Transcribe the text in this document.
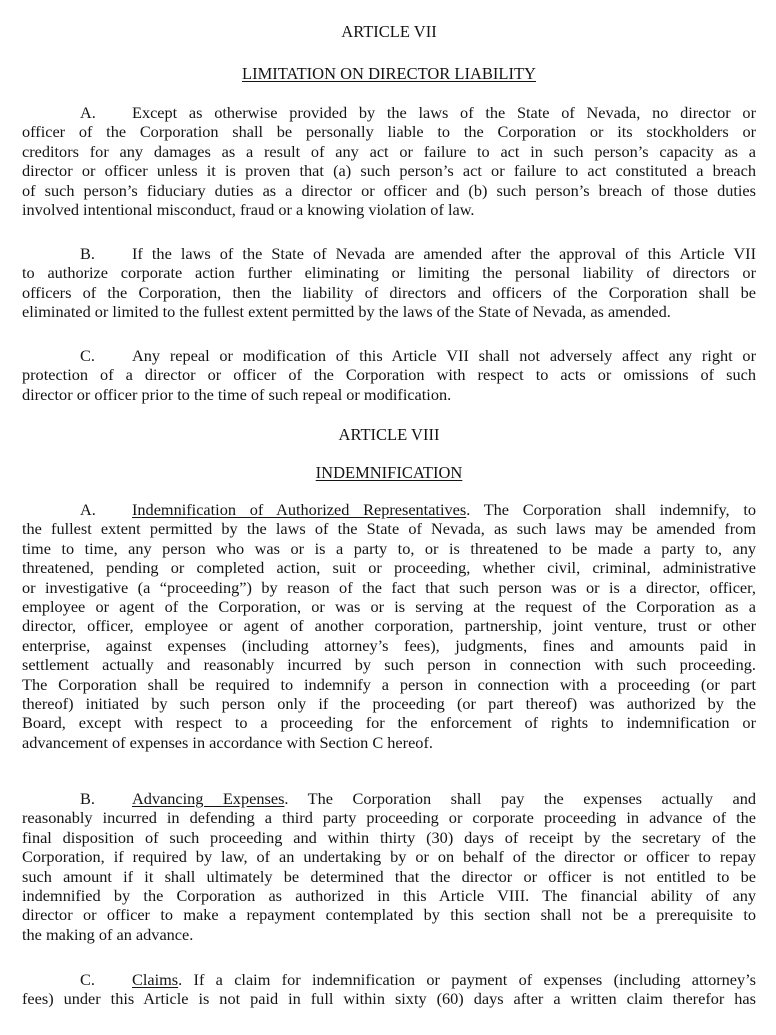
ARTICLE VII
LIMITATION ON DIRECTOR LIABILITY
A. Except as otherwise provided by the laws of the State of Nevada, no director or
officer of the Corporation shall be personally liable to the Corporation or its stockholders or
creditors for any damages as a result of any act or failure to act in such person’s capacity as a
director or officer unless it is proven that (a) such person’s act or failure to act constituted a breach
of such person’s fiduciary duties as a director or officer and (b) such person’s breach of those duties
involved intentional misconduct, fraud or a knowing violation of law.
B. If the laws of the State of Nevada are amended after the approval of this Article VII
to authorize corporate action further eliminating or limiting the personal liability of directors or
officers of the Corporation, then the liability of directors and officers of the Corporation shall be
eliminated or limited to the fullest extent permitted by the laws of the State of Nevada, as amended.
C. Any repeal or modification of this Article VII shall not adversely affect any right or
protection of a director or officer of the Corporation with respect to acts or omissions of such
director or officer prior to the time of such repeal or modification.
ARTICLE VIII
INDEMNIFICATION
A. Indemnification of Authorized Representatives. The Corporation shall indemnify, to
the fullest extent permitted by the laws of the State of Nevada, as such laws may be amended from
time to time, any person who was or is a party to, or is threatened to be made a party to, any
threatened, pending or completed action, suit or proceeding, whether civil, criminal, administrative
or investigative (a “proceeding”) by reason of the fact that such person was or is a director, officer,
employee or agent of the Corporation, or was or is serving at the request of the Corporation as a
director, officer, employee or agent of another corporation, partnership, joint venture, trust or other
enterprise, against expenses (including attorney’s fees), judgments, fines and amounts paid in
settlement actually and reasonably incurred by such person in connection with such proceeding.
The Corporation shall be required to indemnify a person in connection with a proceeding (or part
thereof) initiated by such person only if the proceeding (or part thereof) was authorized by the
Board, except with respect to a proceeding for the enforcement of rights to indemnification or
advancement of expenses in accordance with Section C hereof.
B. Advancing Expenses. The Corporation shall pay the expenses actually and
reasonably incurred in defending a third party proceeding or corporate proceeding in advance of the
final disposition of such proceeding and within thirty (30) days of receipt by the secretary of the
Corporation, if required by law, of an undertaking by or on behalf of the director or officer to repay
such amount if it shall ultimately be determined that the director or officer is not entitled to be
indemnified by the Corporation as authorized in this Article VIII. The financial ability of any
director or officer to make a repayment contemplated by this section shall not be a prerequisite to
the making of an advance.
C. Claims. If a claim for indemnification or payment of expenses (including attorney’s
fees) under this Article is not paid in full within sixty (60) days after a written claim therefor has
